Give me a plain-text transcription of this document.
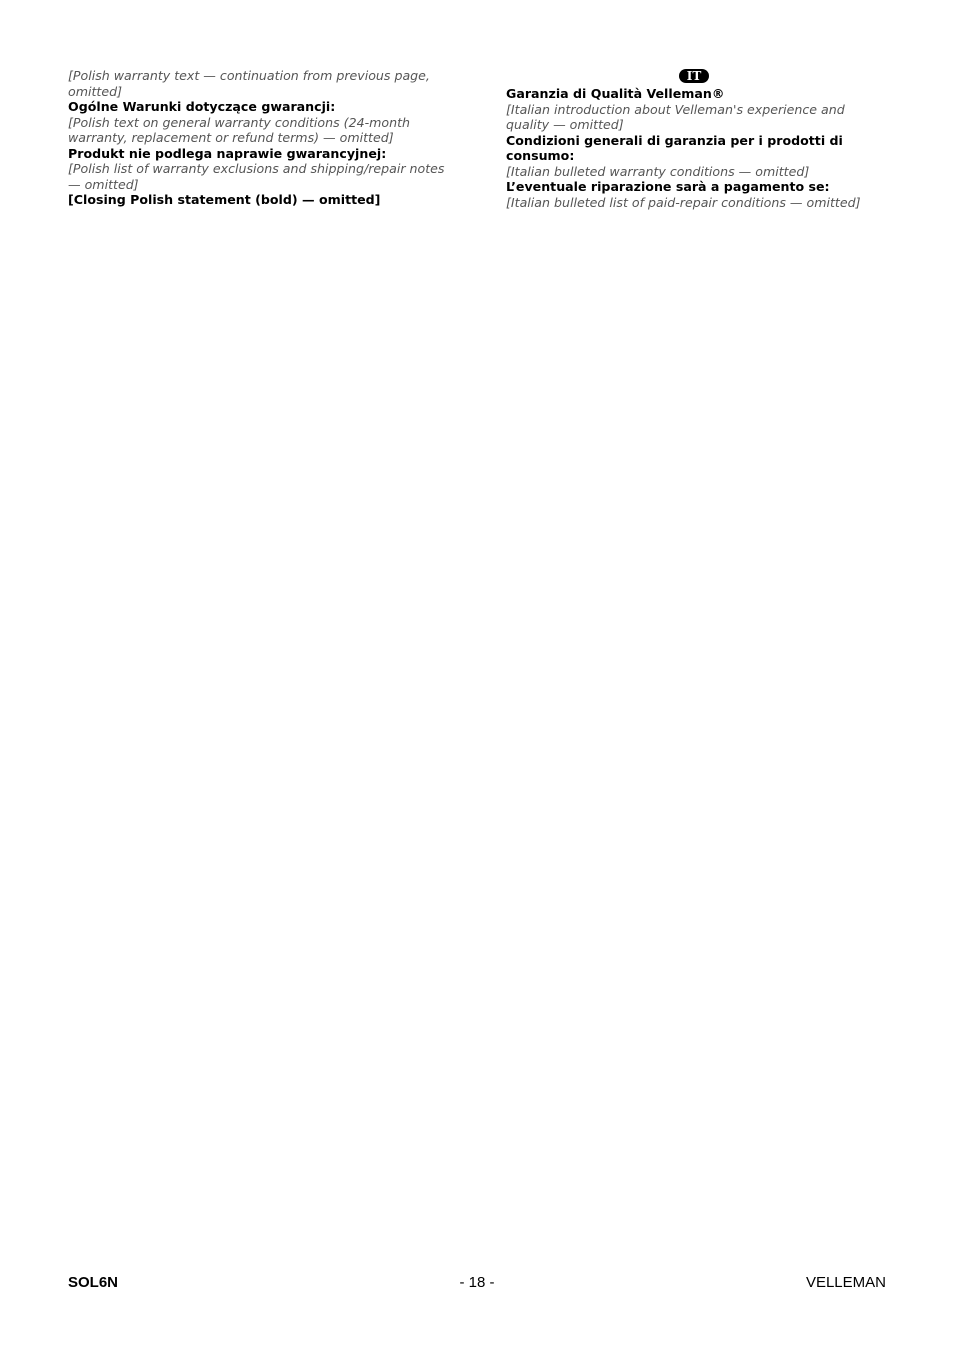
[Polish warranty text — continuation from previous page, omitted]

Ogólne Warunki dotyczące gwarancji:

[Polish text on general warranty conditions (24-month warranty, replacement or refund terms) — omitted]

Produkt nie podlega naprawie gwarancyjnej:

[Polish list of warranty exclusions and shipping/repair notes — omitted]

[Closing Polish statement (bold) — omitted]

IT

Garanzia di Qualità Velleman®

[Italian introduction about Velleman's experience and quality — omitted]

Condizioni generali di garanzia per i prodotti di consumo:

[Italian bulleted warranty conditions — omitted]

L’eventuale riparazione sarà a pagamento se:

[Italian bulleted list of paid-repair conditions — omitted]

SOL6N	- 18 -	VELLEMAN
